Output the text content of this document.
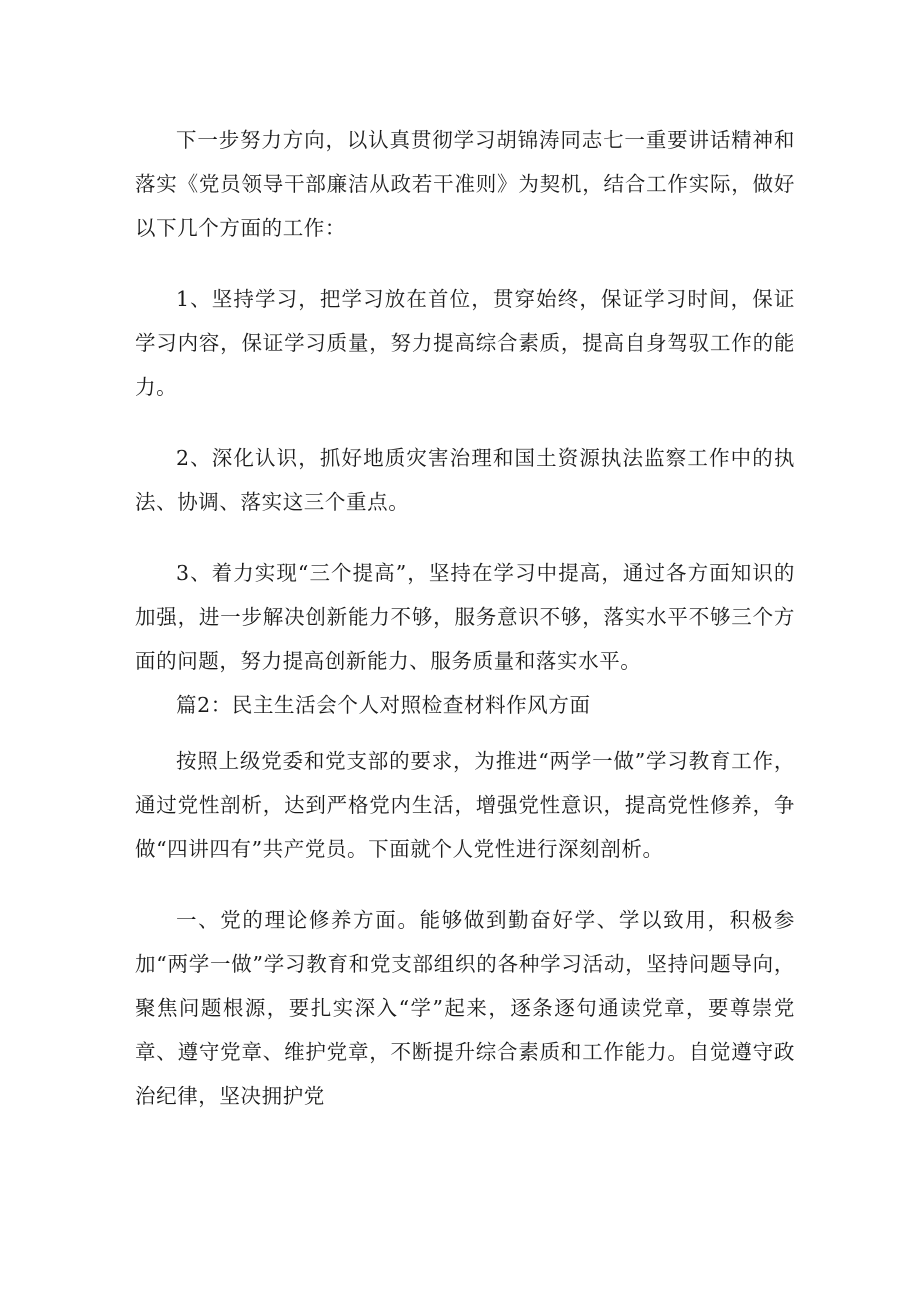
下一步努力方向，以认真贯彻学习胡锦涛同志七一重要讲话精神和落实《党员领导干部廉洁从政若干准则》为契机，结合工作实际，做好以下几个方面的工作：

1、坚持学习，把学习放在首位，贯穿始终，保证学习时间，保证学习内容，保证学习质量，努力提高综合素质，提高自身驾驭工作的能力。

2、深化认识，抓好地质灾害治理和国土资源执法监察工作中的执法、协调、落实这三个重点。

3、着力实现“三个提高”，坚持在学习中提高，通过各方面知识的加强，进一步解决创新能力不够，服务意识不够，落实水平不够三个方面的问题，努力提高创新能力、服务质量和落实水平。

篇2：民主生活会个人对照检查材料作风方面

按照上级党委和党支部的要求，为推进“两学一做”学习教育工作，通过党性剖析，达到严格党内生活，增强党性意识，提高党性修养，争做“四讲四有”共产党员。下面就个人党性进行深刻剖析。

一、党的理论修养方面。能够做到勤奋好学、学以致用，积极参加“两学一做”学习教育和党支部组织的各种学习活动，坚持问题导向，聚焦问题根源，要扎实深入“学”起来，逐条逐句通读党章，要尊崇党章、遵守党章、维护党章，不断提升综合素质和工作能力。自觉遵守政治纪律，坚决拥护党
